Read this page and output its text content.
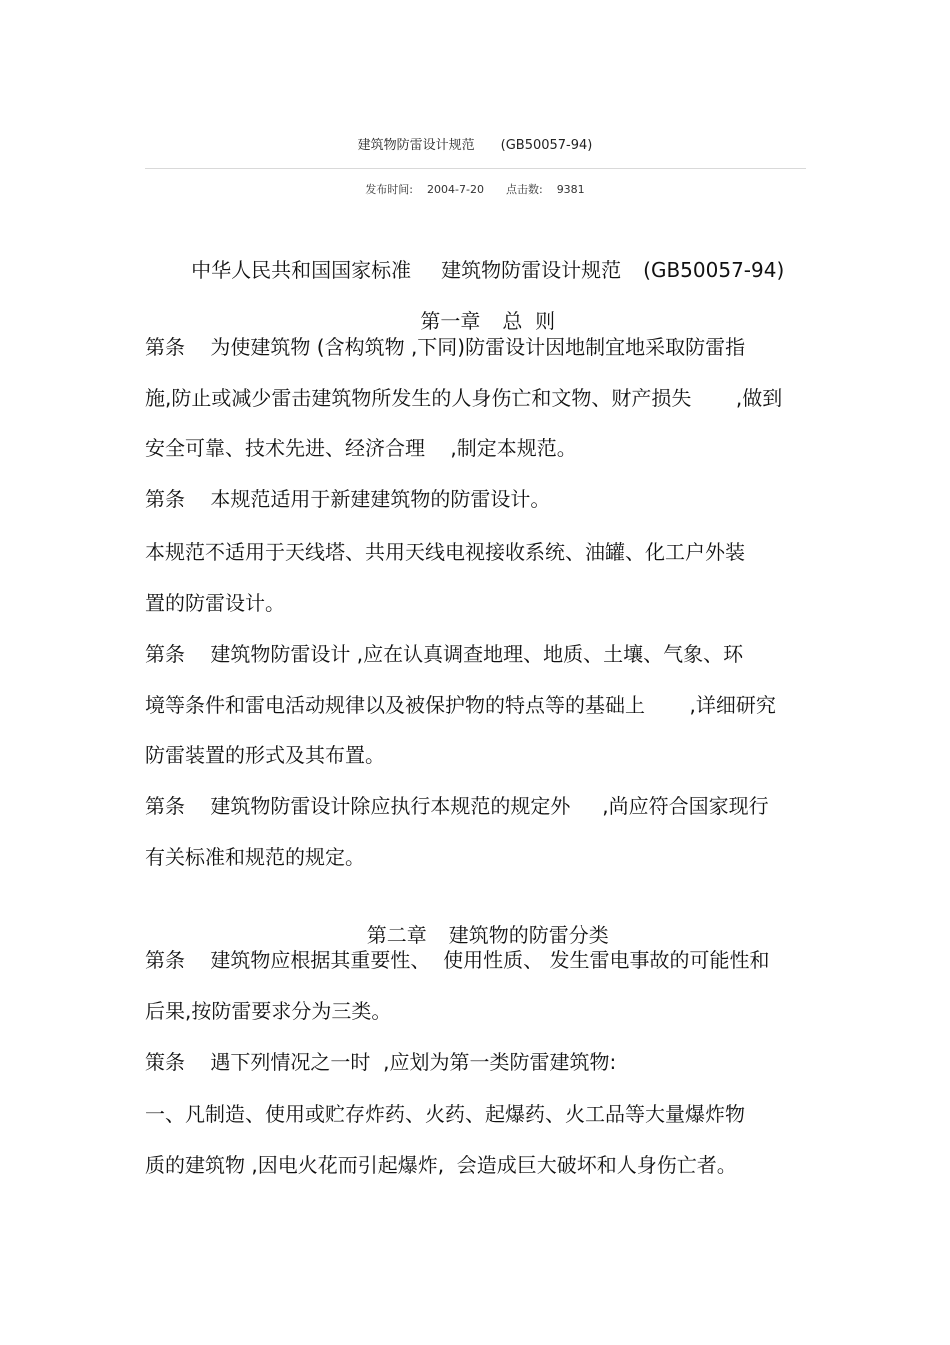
建筑物防雷设计规范 (GB50057-94)
发布时间: 2004-7-20 点击数: 9381

中华人民共和国国家标准 建筑物防雷设计规范 (GB50057-94)

第一章 总  则

第条    为使建筑物 (含构筑物 ,下同)防雷设计因地制宜地采取防雷指
施,防止或减少雷击建筑物所发生的人身伤亡和文物、财产损失       ,做到
安全可靠、技术先进、经济合理    ,制定本规范。
第条    本规范适用于新建建筑物的防雷设计。
本规范不适用于天线塔、共用天线电视接收系统、油罐、化工户外装
置的防雷设计。
第条    建筑物防雷设计 ,应在认真调查地理、地质、土壤、气象、环
境等条件和雷电活动规律以及被保护物的特点等的基础上       ,详细研究
防雷装置的形式及其布置。
第条    建筑物防雷设计除应执行本规范的规定外     ,尚应符合国家现行
有关标准和规范的规定。

第二章 建筑物的防雷分类

第条    建筑物应根据其重要性、  使用性质、 发生雷电事故的可能性和
后果,按防雷要求分为三类。
策条    遇下列情况之一时  ,应划为第一类防雷建筑物:
一、凡制造、使用或贮存炸药、火药、起爆药、火工品等大量爆炸物
质的建筑物 ,因电火花而引起爆炸,  会造成巨大破坏和人身伤亡者。
